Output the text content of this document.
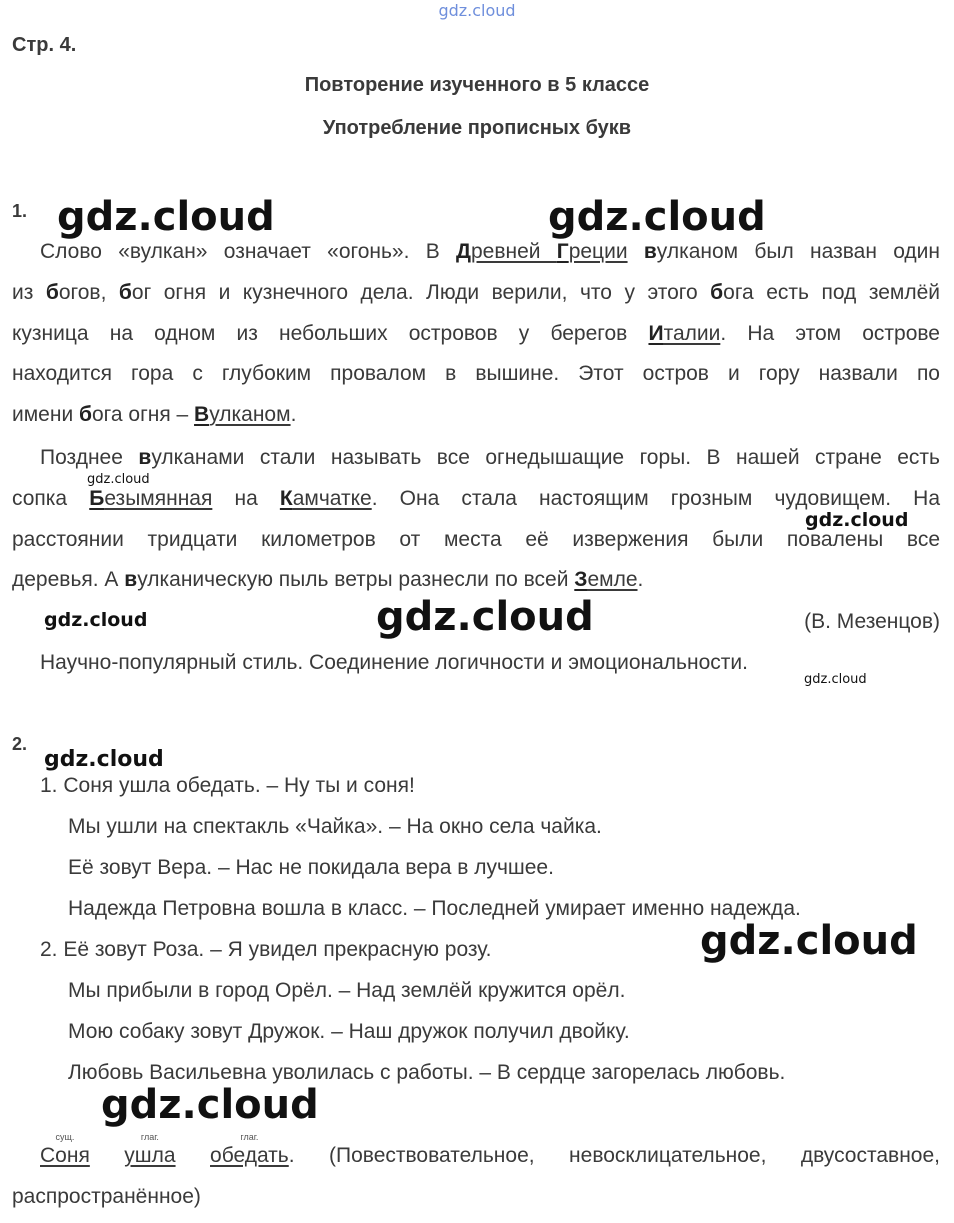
gdz.cloud
Стр. 4.
Повторение изученного в 5 классе
Употребление прописных букв
1.
Слово «вулкан» означает «огонь». В Древней Греции вулканом был назван один
из богов, бог огня и кузнечного дела. Люди верили, что у этого бога есть под землёй
кузница на одном из небольших островов у берегов Италии. На этом острове
находится гора с глубоким провалом в вышине. Этот остров и гору назвали по
имени бога огня – Вулканом.
Позднее вулканами стали называть все огнедышащие горы. В нашей стране есть
сопка Безымянная на Камчатке. Она стала настоящим грозным чудовищем. На
расстоянии тридцати километров от места её извержения были повалены все
деревья. А вулканическую пыль ветры разнесли по всей Земле.
(В. Мезенцов)
Научно-популярный стиль. Соединение логичности и эмоциональности.
2.
1. Соня ушла обедать. – Ну ты и соня!
Мы ушли на спектакль «Чайка». – На окно села чайка.
Её зовут Вера. – Нас не покидала вера в лучшее.
Надежда Петровна вошла в класс. – Последней умирает именно надежда.
2. Её зовут Роза. – Я увидел прекрасную розу.
Мы прибыли в город Орёл. – Над землёй кружится орёл.
Мою собаку зовут Дружок. – Наш дружок получил двойку.
Любовь Васильевна уволилась с работы. – В сердце загорелась любовь.
сущ.
Соня
глаг.
ушла
глаг.
обедать. (Повествовательное, невосклицательное, двусоставное,
распространённое)
gdz.cloud	gdz.cloud
gdz.cloud
gdz.cloud
gdz.cloud	gdz.cloud
gdz.cloud
gdz.cloud
gdz.cloud
gdz.cloud
